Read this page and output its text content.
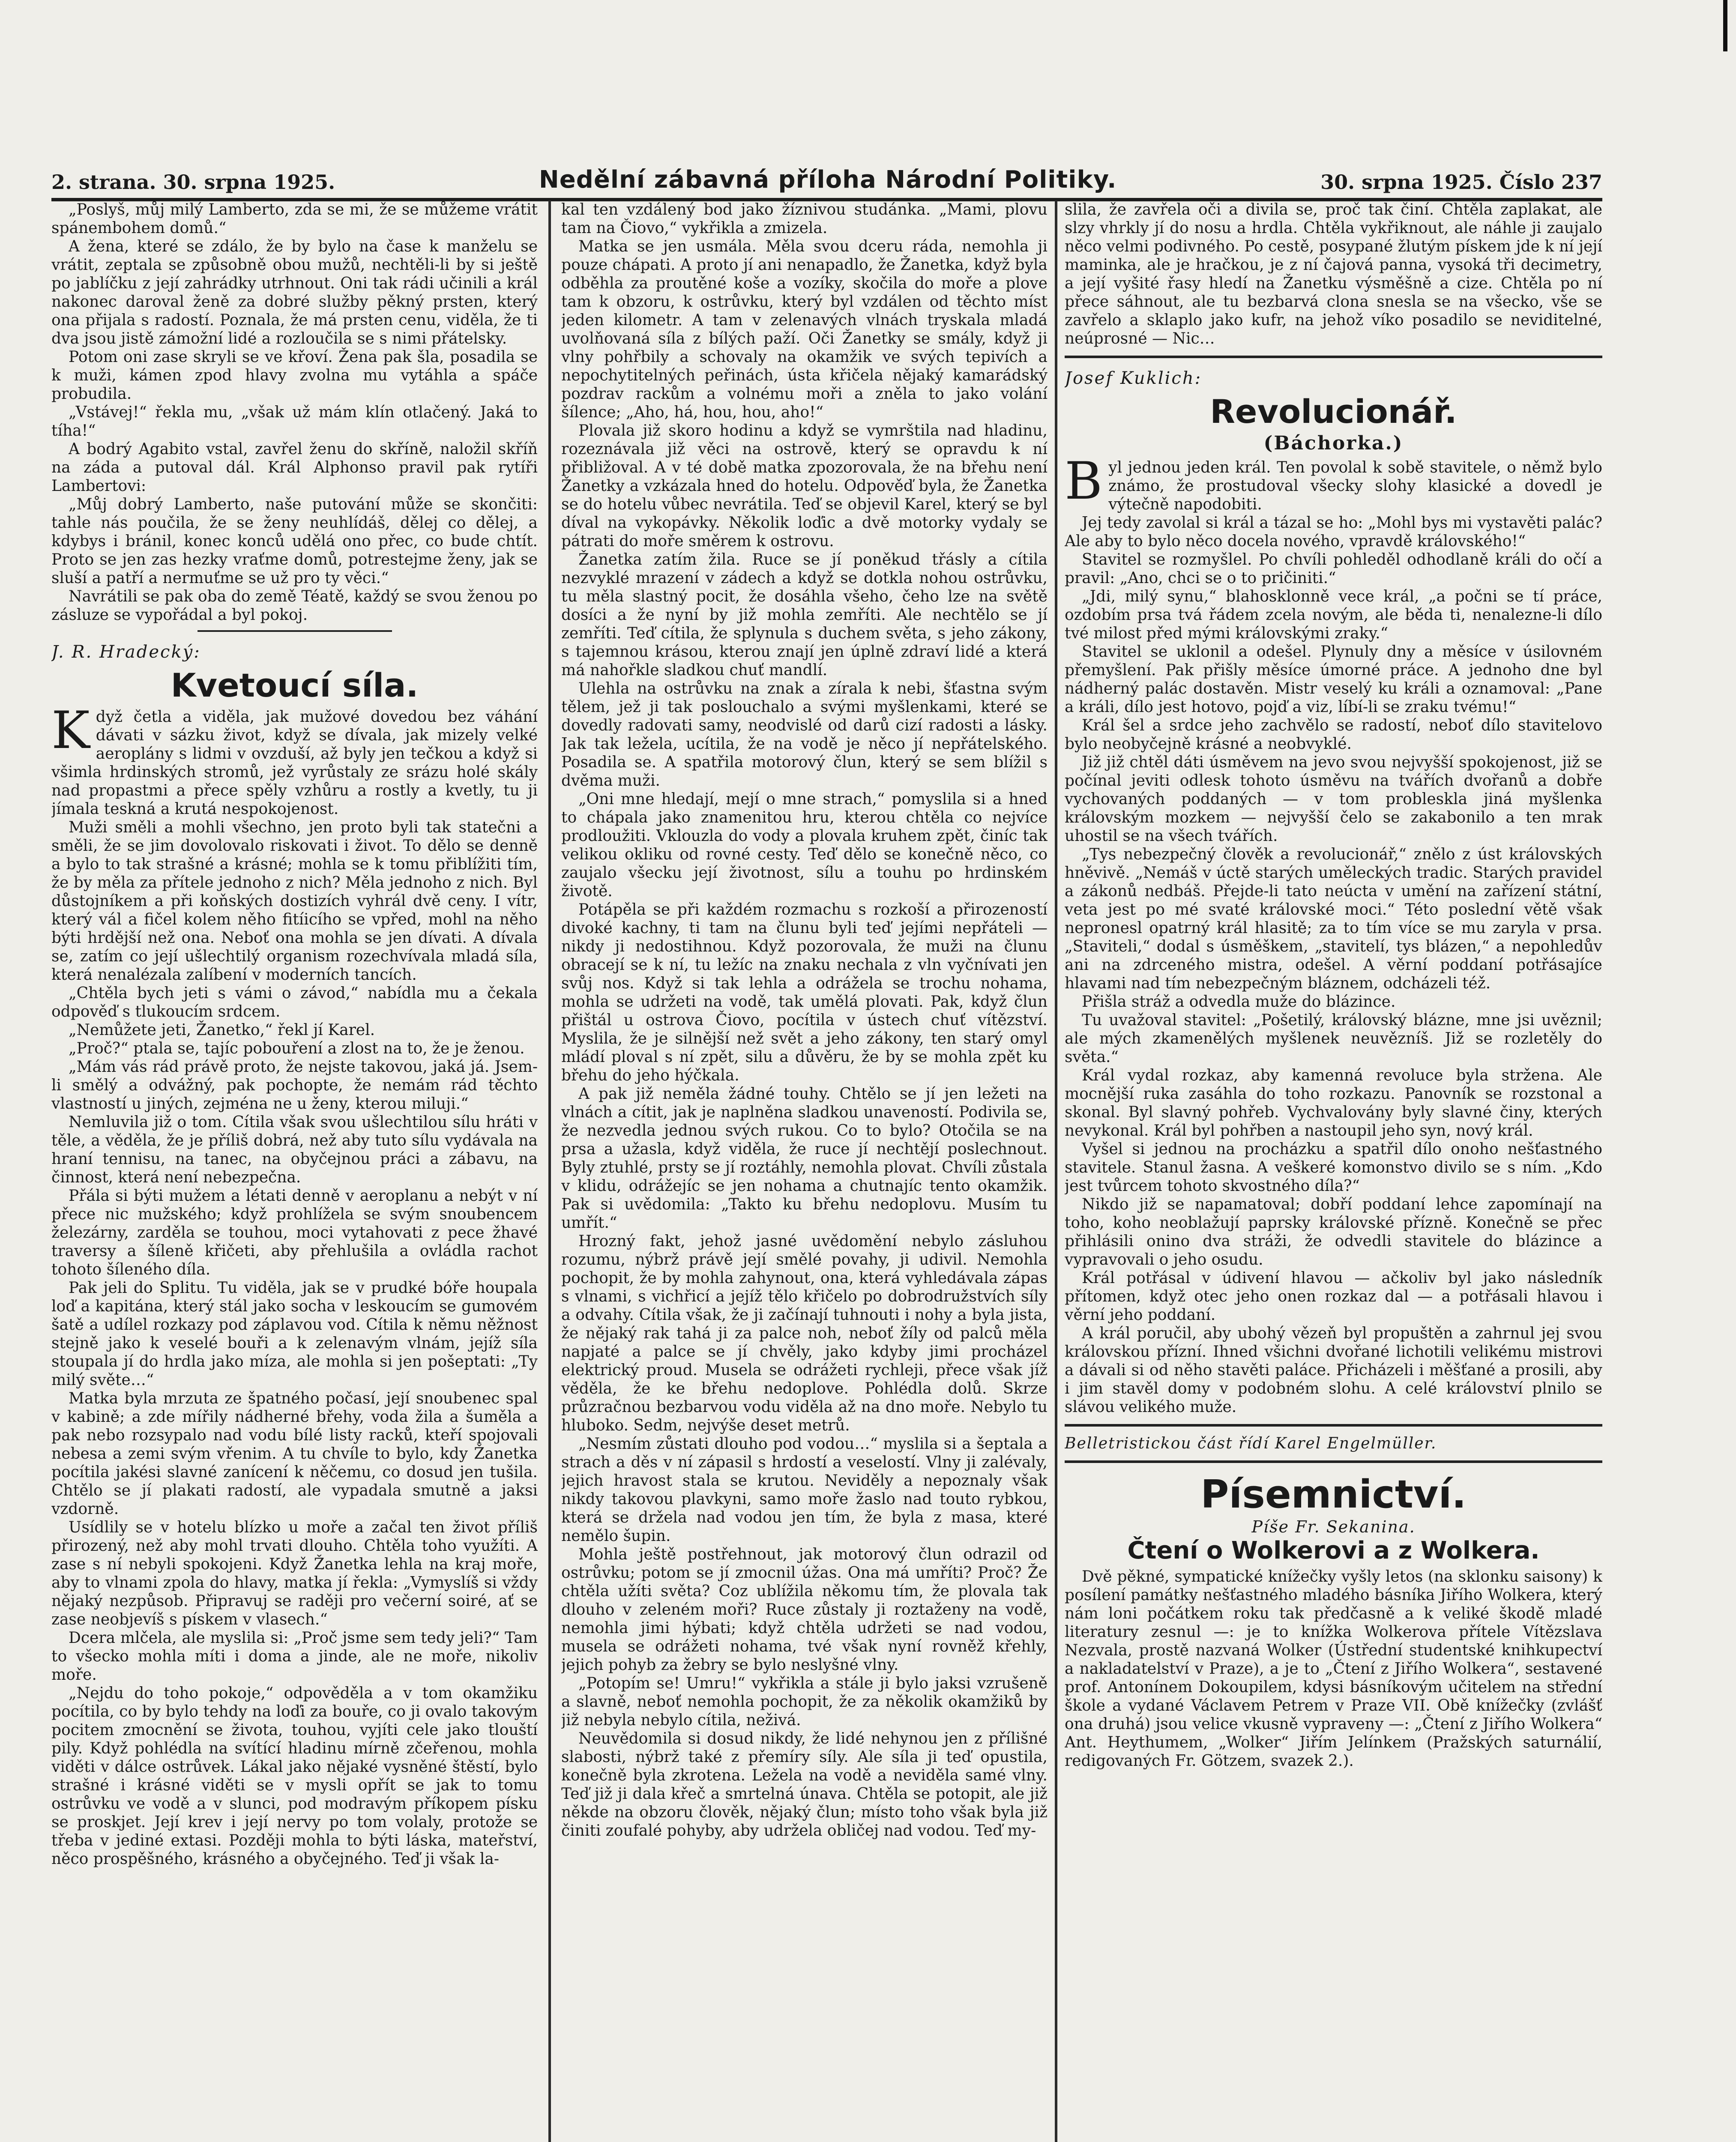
2. strana. 30. srpna 1925.	Nedělní zábavná příloha Národní Politiky.	30. srpna 1925. Číslo 237

„Poslyš, můj milý Lamberto, zda se mi, že se můžeme vrátit spánembohem domů.“

A žena, které se zdálo, že by bylo na čase k manželu se vrátit, zeptala se způsobně obou mužů, nechtěli-li by si ještě po jablíčku z její zahrádky utrhnout. Oni tak rádi učinili a král nakonec daroval ženě za dobré služby pěkný prsten, který ona přijala s radostí. Poznala, že má prsten cenu, viděla, že ti dva jsou jistě zámožní lidé a rozloučila se s nimi přátelsky.

Potom oni zase skryli se ve křoví. Žena pak šla, posadila se k muži, kámen zpod hlavy zvolna mu vytáhla a spáče probudila.

„Vstávej!“ řekla mu, „však už mám klín otlačený. Jaká to tíha!“

A bodrý Agabito vstal, zavřel ženu do skříně, naložil skříň na záda a putoval dál. Král Alphonso pravil pak rytíři Lambertovi:

„Můj dobrý Lamberto, naše putování může se skončiti: tahle nás poučila, že se ženy neuhlídáš, dělej co dělej, a kdybys i bránil, konec konců udělá ono přec, co bude chtít. Proto se jen zas hezky vraťme domů, potrestejme ženy, jak se sluší a patří a nermuťme se už pro ty věci.“

Navrátili se pak oba do země Téatě, každý se svou ženou po zásluze se vypořádal a byl pokoj.

J. R. Hradecký:
Kvetoucí síla.

Když četla a viděla, jak mužové dovedou bez váhání dávati v sázku život, když se dívala, jak mizely velké aeroplány s lidmi v ovzduší, až byly jen tečkou a když si všimla hrdinských stromů, jež vyrůstaly ze srázu holé skály nad propastmi a přece spěly vzhůru a rostly a kvetly, tu ji jímala teskná a krutá nespokojenost.

Muži směli a mohli všechno, jen proto byli tak statečni a směli, že se jim dovolovalo riskovati i život. To dělo se denně a bylo to tak strašné a krásné; mohla se k tomu přiblížiti tím, že by měla za přítele jednoho z nich? Měla jednoho z nich. Byl důstojníkem a při koňských dostizích vyhrál dvě ceny. I vítr, který vál a fičel kolem něho fitíicího se vpřed, mohl na něho býti hrdější než ona. Neboť ona mohla se jen dívati. A dívala se, zatím co její ušlechtilý organism rozechvívala mladá síla, která nenalézala zalíbení v moderních tancích.

„Chtěla bych jeti s vámi o závod,“ nabídla mu a čekala odpověď s tlukoucím srdcem.

„Nemůžete jeti, Žanetko,“ řekl jí Karel.

„Proč?“ ptala se, tajíc pobouření a zlost na to, že je ženou.

„Mám vás rád právě proto, že nejste takovou, jaká já. Jsem-li smělý a odvážný, pak pochopte, že nemám rád těchto vlastností u jiných, zejména ne u ženy, kterou miluji.“

Nemluvila již o tom. Cítila však svou ušlechtilou sílu hráti v těle, a věděla, že je příliš dobrá, než aby tuto sílu vydávala na hraní tennisu, na tanec, na obyčejnou práci a zábavu, na činnost, která není nebezpečna.

Přála si býti mužem a létati denně v aeroplanu a nebýt v ní přece nic mužského; když prohlížela se svým snoubencem železárny, zarděla se touhou, moci vytahovati z pece žhavé traversy a šíleně křičeti, aby přehlušila a ovládla rachot tohoto šíleného díla.

Pak jeli do Splitu. Tu viděla, jak se v prudké bóře houpala loď a kapitána, který stál jako socha v leskoucím se gumovém šatě a udílel rozkazy pod záplavou vod. Cítila k němu něžnost stejně jako k veselé bouři a k zelenavým vlnám, jejíž síla stoupala jí do hrdla jako míza, ale mohla si jen pošeptati: „Ty milý světe…“

Matka byla mrzuta ze špatného počasí, její snoubenec spal v kabině; a zde mířily nádherné břehy, voda žila a šuměla a pak nebo rozsypalo nad vodu bílé listy racků, kteří spojovali nebesa a zemi svým vřenim. A tu chvíle to bylo, kdy Žanetka pocítila jakési slavné zanícení k něčemu, co dosud jen tušila. Chtělo se jí plakati radostí, ale vypadala smutně a jaksi vzdorně.

Usídlily se v hotelu blízko u moře a začal ten život příliš přirozený, než aby mohl trvati dlouho. Chtěla toho využíti. A zase s ní nebyli spokojeni. Když Žanetka lehla na kraj moře, aby to vlnami zpola do hlavy, matka jí řekla: „Vymyslíš si vždy nějaký nezpůsob. Připravuj se raději pro večerní soiré, ať se zase neobjevíš s pískem v vlasech.“

Dcera mlčela, ale myslila si: „Proč jsme sem tedy jeli?“ Tam to všecko mohla míti i doma a jinde, ale ne moře, nikoliv moře.

„Nejdu do toho pokoje,“ odpověděla a v tom okamžiku pocítila, co by bylo tehdy na loďi za bouře, co ji ovalo takovým pocitem zmocnění se života, touhou, vyjíti cele jako tlouští pily. Když pohlédla na svítící hladinu mírně zčeřenou, mohla viděti v dálce ostrůvek. Lákal jako nějaké vysněné štěstí, bylo strašné i krásné viděti se v mysli opřít se jak to tomu ostrůvku ve vodě a v slunci, pod modravým příkopem písku se proskjet. Její krev i její nervy po tom volaly, protože se třeba v jediné extasi. Později mohla to býti láska, mateřství, něco prospěšného, krásného a obyčejného. Teď ji však la-

kal ten vzdálený bod jako žíznivou studánka. „Mami, plovu tam na Čiovo,“ vykřikla a zmizela.

Matka se jen usmála. Měla svou dceru ráda, nemohla ji pouze chápati. A proto jí ani nenapadlo, že Žanetka, když byla odběhla za proutěné koše a vozíky, skočila do moře a plove tam k obzoru, k ostrůvku, který byl vzdálen od těchto míst jeden kilometr. A tam v zelenavých vlnách tryskala mladá uvolňovaná síla z bílých paží. Oči Žanetky se smály, když ji vlny pohřbily a schovaly na okamžik ve svých tepivích a nepochytitelných peřinách, ústa křičela nějaký kamarádský pozdrav rackům a volnému moři a zněla to jako volání šílence; „Aho, há, hou, hou, aho!“

Plovala již skoro hodinu a když se vymrštila nad hladinu, rozeznávala již věci na ostrově, který se opravdu k ní přibližoval. A v té době matka zpozorovala, že na břehu není Žanetky a vzkázala hned do hotelu. Odpověď byla, že Žanetka se do hotelu vůbec nevrátila. Teď se objevil Karel, který se byl díval na vykopávky. Několik loďic a dvě motorky vydaly se pátrati do moře směrem k ostrovu.

Žanetka zatím žila. Ruce se jí poněkud třásly a cítila nezvyklé mrazení v zádech a když se dotkla nohou ostrůvku, tu měla slastný pocit, že dosáhla všeho, čeho lze na světě dosíci a že nyní by již mohla zemříti. Ale nechtělo se jí zemříti. Teď cítila, že splynula s duchem světa, s jeho zákony, s tajemnou krásou, kterou znají jen úplně zdraví lidé a která má nahořkle sladkou chuť mandlí.

Ulehla na ostrůvku na znak a zírala k nebi, šťastna svým tělem, jež ji tak poslouchalo a svými myšlenkami, které se dovedly radovati samy, neodvislé od darů cizí radosti a lásky. Jak tak ležela, ucítila, že na vodě je něco jí nepřátelského. Posadila se. A spatřila motorový člun, který se sem blížil s dvěma muži.

„Oni mne hledají, mejí o mne strach,“ pomyslila si a hned to chápala jako znamenitou hru, kterou chtěla co nejvíce prodloužiti. Vklouzla do vody a plovala kruhem zpět, činíc tak velikou okliku od rovné cesty. Teď dělo se konečně něco, co zaujalo všecku její životnost, sílu a touhu po hrdinském životě.

Potápěla se při každém rozmachu s rozkoší a přirozeností divoké kachny, ti tam na člunu byli teď jejími nepřáteli — nikdy ji nedostihnou. Když pozorovala, že muži na člunu obracejí se k ní, tu ležíc na znaku nechala z vln vyčnívati jen svůj nos. Když si tak lehla a odrážela se trochu nohama, mohla se udržeti na vodě, tak umělá plovati. Pak, když člun přištál u ostrova Čiovo, pocítila v ústech chuť vítězství. Myslila, že je silnější než svět a jeho zákony, ten starý omyl mládí ploval s ní zpět, silu a důvěru, že by se mohla zpět ku břehu do jeho hýčkala.

A pak již neměla žádné touhy. Chtělo se jí jen ležeti na vlnách a cítit, jak je naplněna sladkou unaveností. Podivila se, že nezvedla jednou svých rukou. Co to bylo? Otočila se na prsa a užasla, když viděla, že ruce jí nechtějí poslechnout. Byly ztuhlé, prsty se jí roztáhly, nemohla plovat. Chvíli zůstala v klidu, odrážejíc se jen nohama a chutnajíc tento okamžik. Pak si uvědomila: „Takto ku břehu nedoplovu. Musím tu umřít.“

Hrozný fakt, jehož jasné uvědomění nebylo zásluhou rozumu, nýbrž právě její smělé povahy, ji udivil. Nemohla pochopit, že by mohla zahynout, ona, která vyhledávala zápas s vlnami, s vichřicí a jejíž tělo křičelo po dobrodružstvích síly a odvahy. Cítila však, že ji začínají tuhnouti i nohy a byla jista, že nějaký rak tahá ji za palce noh, neboť žíly od palců měla napjaté a palce se jí chvěly, jako kdyby jimi procházel elektrický proud. Musela se odrážeti rychleji, přece však jíž věděla, že ke břehu nedoplove. Pohlédla dolů. Skrze průzračnou bezbarvou vodu viděla až na dno moře. Nebylo tu hluboko. Sedm, nejvýše deset metrů.

„Nesmím zůstati dlouho pod vodou…“ myslila si a šeptala a strach a děs v ní zápasil s hrdostí a veselostí. Vlny ji zalévaly, jejich hravost stala se krutou. Neviděly a nepoznaly však nikdy takovou plavkyni, samo moře žaslo nad touto rybkou, která se držela nad vodou jen tím, že byla z masa, které nemělo šupin.

Mohla ještě postřehnout, jak motorový člun odrazil od ostrůvku; potom se jí zmocnil úžas. Ona má umříti? Proč? Že chtěla užíti světa? Coz ublížila někomu tím, že plovala tak dlouho v zeleném moři? Ruce zůstaly ji roztaženy na vodě, nemohla jimi hýbati; když chtěla udržeti se nad vodou, musela se odrážeti nohama, tvé však nyní rovněž křehly, jejich pohyb za žebry se bylo neslyšné vlny.

„Potopím se! Umru!“ vykřikla a stále ji bylo jaksi vzrušeně a slavně, neboť nemohla pochopit, že za několik okamžiků by již nebyla nebylo cítila, neživá.

Neuvědomila si dosud nikdy, že lidé nehynou jen z přílišné slabosti, nýbrž také z přemíry síly. Ale síla ji teď opustila, konečně byla zkrotena. Ležela na vodě a neviděla samé vlny. Teď již ji dala křeč a smrtelná únava. Chtěla se potopit, ale již někde na obzoru člověk, nějaký člun; místo toho však byla již činiti zoufalé pohyby, aby udržela obličej nad vodou. Teď my-

slila, že zavřela oči a divila se, proč tak činí. Chtěla zaplakat, ale slzy vhrkly jí do nosu a hrdla. Chtěla vykřiknout, ale náhle ji zaujalo něco velmi podivného. Po cestě, posypané žlutým pískem jde k ní její maminka, ale je hračkou, je z ní čajová panna, vysoká tři decimetry, a její vyšité řasy hledí na Žanetku výsměšně a cize. Chtěla po ní přece sáhnout, ale tu bezbarvá clona snesla se na všecko, vše se zavřelo a sklaplo jako kufr, na jehož víko posadilo se neviditelné, neúprosné — Nic…

Josef Kuklich:
Revolucionář.
(Báchorka.)

Byl jednou jeden král. Ten povolal k sobě stavitele, o němž bylo známo, že prostudoval všecky slohy klasické a dovedl je výtečně napodobiti.

Jej tedy zavolal si král a tázal se ho: „Mohl bys mi vystavěti palác? Ale aby to bylo něco docela nového, vpravdě královského!“

Stavitel se rozmyšlel. Po chvíli pohleděl odhodlaně králi do očí a pravil: „Ano, chci se o to pričiniti.“

„Jdi, milý synu,“ blahosklonně vece král, „a počni se tí práce, ozdobím prsa tvá řádem zcela novým, ale běda ti, nenalezne-li dílo tvé milost před mými královskými zraky.“

Stavitel se uklonil a odešel. Plynuly dny a měsíce v úsilovném přemyšlení. Pak přišly měsíce úmorné práce. A jednoho dne byl nádherný palác dostavěn. Mistr veselý ku králi a oznamoval: „Pane a králi, dílo jest hotovo, pojď a viz, líbí-li se zraku tvému!“

Král šel a srdce jeho zachvělo se radostí, neboť dílo stavitelovo bylo neobyčejně krásné a neobvyklé.

Již již chtěl dáti úsměvem na jevo svou nejvyšší spokojenost, již se počínal jeviti odlesk tohoto úsměvu na tvářích dvořanů a dobře vychovaných poddaných — v tom probleskla jiná myšlenka královským mozkem — nejvyšší čelo se zakabonilo a ten mrak uhostil se na všech tvářích.

„Tys nebezpečný člověk a revolucionář,“ znělo z úst královských hněvivě. „Nemáš v úctě starých uměleckých tradic. Starých pravidel a zákonů nedbáš. Přejde-li tato neúcta v umění na zařízení státní, veta jest po mé svaté královské moci.“ Této poslední větě však nepronesl opatrný král hlasitě; za to tím více se mu zaryla v prsa. „Staviteli,“ dodal s úsměškem, „stavitelí, tys blázen,“ a nepohledův ani na zdrceného mistra, odešel. A věrní poddaní potřásajíce hlavami nad tím nebezpečným bláznem, odcházeli též.

Přišla stráž a odvedla muže do blázince.

Tu uvažoval stavitel: „Pošetilý, královský blázne, mne jsi uvěznil; ale mých zkamenělých myšlenek neuvězníš. Již se rozletěly do světa.“

Král vydal rozkaz, aby kamenná revoluce byla stržena. Ale mocnější ruka zasáhla do toho rozkazu. Panovník se rozstonal a skonal. Byl slavný pohřeb. Vychvalovány byly slavné činy, kterých nevykonal. Král byl pohřben a nastoupil jeho syn, nový král.

Vyšel si jednou na procházku a spatřil dílo onoho nešťastného stavitele. Stanul žasna. A veškeré komonstvo divilo se s ním. „Kdo jest tvůrcem tohoto skvostného díla?“

Nikdo již se napamatoval; dobří poddaní lehce zapomínají na toho, koho neoblažují paprsky královské přízně. Konečně se přec přihlásili onino dva stráži, že odvedli stavitele do blázince a vypravovali o jeho osudu.

Král potřásal v údivení hlavou — ačkoliv byl jako následník přítomen, když otec jeho onen rozkaz dal — a potřásali hlavou i věrní jeho poddaní.

A král poručil, aby ubohý vězeň byl propuštěn a zahrnul jej svou královskou přízní. Ihned všichni dvořané lichotili velikému mistrovi a dávali si od něho stavěti paláce. Přicházeli i měšťané a prosili, aby i jim stavěl domy v podobném slohu. A celé království plnilo se slávou velikého muže.

Belletristickou část řídí Karel Engelmüller.
Písemnictví.
Píše Fr. Sekanina.
Čtení o Wolkerovi a z Wolkera.

Dvě pěkné, sympatické knížečky vyšly letos (na sklonku saisony) k posílení památky nešťastného mladého básníka Jiřího Wolkera, který nám loni počátkem roku tak předčasně a k veliké škodě mladé literatury zesnul —: je to knížka Wolkerova přítele Vítězslava Nezvala, prostě nazvaná Wolker (Ústřední studentské knihkupectví a nakladatelství v Praze), a je to „Čtení z Jiřího Wolkera“, sestavené prof. Antonínem Dokoupilem, kdysi básníkovým učitelem na střední škole a vydané Václavem Petrem v Praze VII. Obě knížečky (zvlášť ona druhá) jsou velice vkusně vypraveny —: „Čtení z Jiřího Wolkera“ Ant. Heythumem, „Wolker“ Jiřím Jelínkem (Pražských saturnálií, redigovaných Fr. Götzem, svazek 2.).
